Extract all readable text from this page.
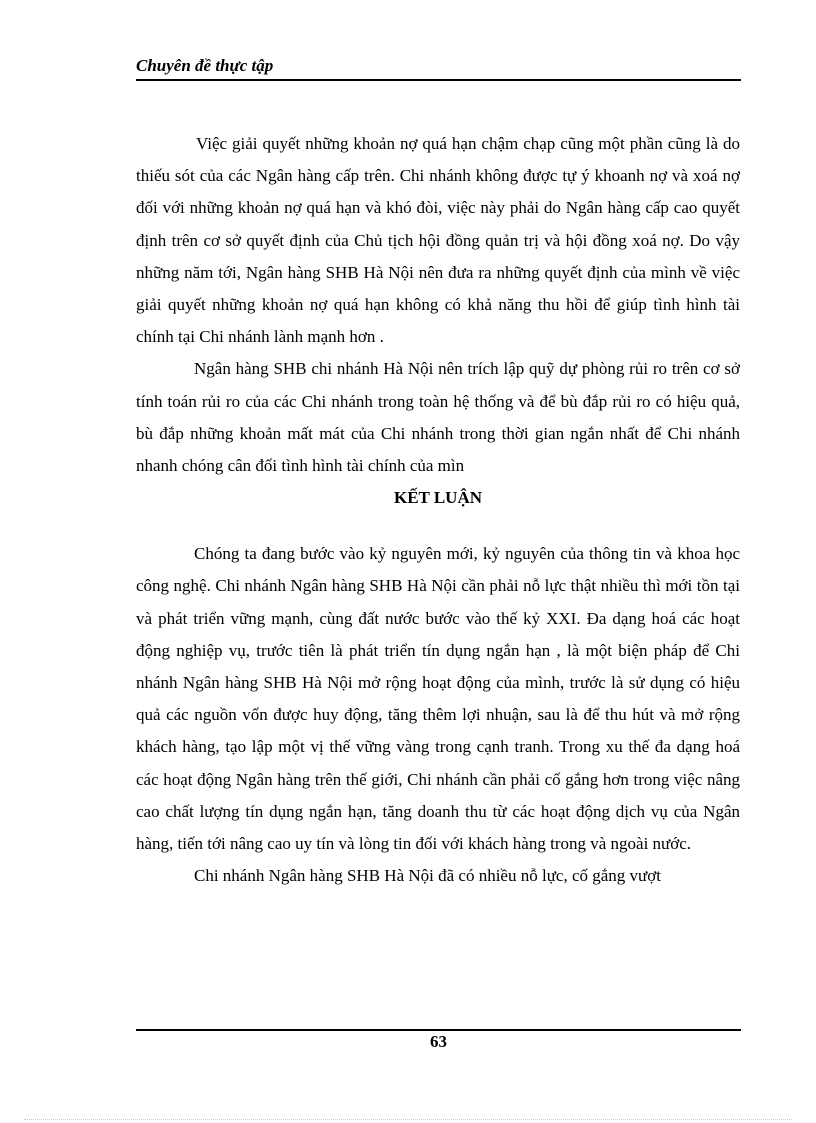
Chuyên đề thực tập

Việc giải quyết những khoản nợ quá hạn chậm chạp cũng một phần cũng là do thiếu sót của các Ngân hàng cấp trên. Chi nhánh không được tự ý khoanh nợ và xoá nợ đối với những khoản nợ quá hạn và khó đòi, việc này phải do Ngân hàng cấp cao quyết định trên cơ sở quyết định của Chủ tịch hội đồng quản trị và hội đồng xoá nợ. Do vậy những năm tới, Ngân hàng SHB Hà Nội nên đưa ra những quyết định của mình về việc giải quyết những khoản nợ quá hạn không có khả năng thu hồi để giúp tình hình tài chính tại Chi nhánh lành mạnh hơn .

Ngân hàng SHB chi nhánh Hà Nội nên trích lập quỹ dự phòng rủi ro trên cơ sở tính toán rủi ro của các Chi nhánh trong toàn hệ thống và để bù đắp rủi ro có hiệu quả, bù đắp những khoản mất mát của Chi nhánh trong thời gian ngắn nhất để Chi nhánh nhanh chóng cân đối tình hình tài chính của mìn

KẾT LUẬN

Chóng ta đang bước vào kỷ nguyên mới, kỷ nguyên của thông tin và khoa học công nghệ. Chi nhánh Ngân hàng SHB Hà Nội cần phải nỗ lực thật nhiều thì mới tồn tại và phát triển vững mạnh, cùng đất nước bước vào thế kỷ XXI. Đa dạng hoá các hoạt động nghiệp vụ, trước tiên là phát triển tín dụng ngắn hạn , là một biện pháp để Chi nhánh Ngân hàng SHB Hà Nội mở rộng hoạt động của mình, trước là sử dụng có hiệu quả các nguồn vốn được huy động, tăng thêm lợi nhuận, sau là để thu hút và mở rộng khách hàng, tạo lập một vị thế vững vàng trong cạnh tranh. Trong xu thế đa dạng hoá các hoạt động Ngân hàng trên thế giới, Chi nhánh cần phải cố gắng hơn trong việc nâng cao chất lượng tín dụng ngắn hạn, tăng doanh thu từ các hoạt động dịch vụ của Ngân hàng, tiến tới nâng cao uy tín và lòng tin đối với khách hàng trong và ngoài nước.

Chi nhánh Ngân hàng SHB Hà Nội đã có nhiều nỗ lực, cố gắng vượt

63
